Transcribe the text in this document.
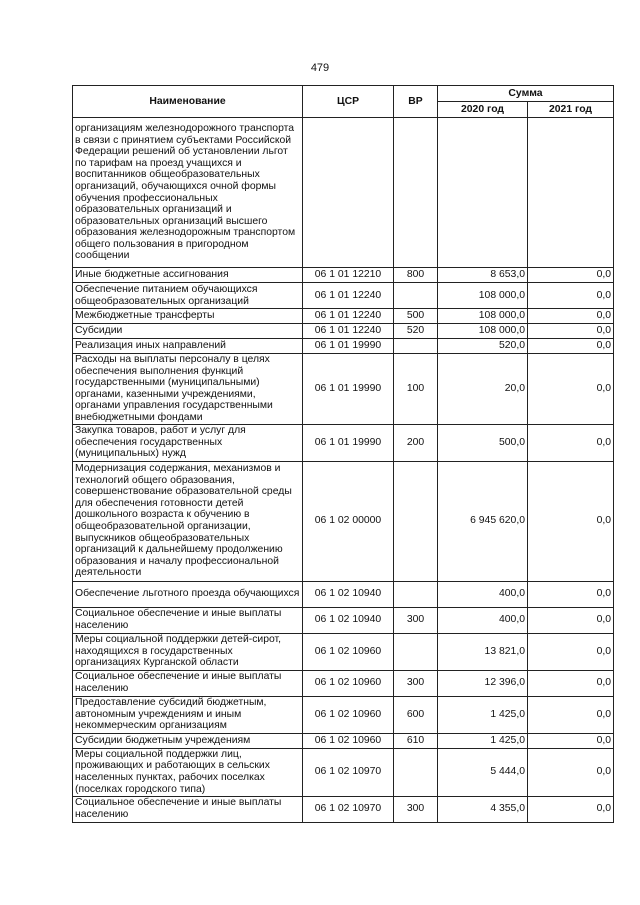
479
Наименование	ЦСР	ВР	Сумма	
			2020 год	2021 год
организациям железнодорожного транспорта в связи с принятием субъектами Российской Федерации решений об установлении льгот по тарифам на проезд учащихся и воспитанников общеобразовательных организаций, обучающихся очной формы обучения профессиональных образовательных организаций и образовательных организаций высшего образования железнодорожным транспортом общего пользования в пригородном сообщении				
Иные бюджетные ассигнования	06 1 01 12210	800	8 653,0	0,0
Обеспечение питанием обучающихся общеобразовательных организаций	06 1 01 12240		108 000,0	0,0
Межбюджетные трансферты	06 1 01 12240	500	108 000,0	0,0
Субсидии	06 1 01 12240	520	108 000,0	0,0
Реализация иных направлений	06 1 01 19990		520,0	0,0
Расходы на выплаты персоналу в целях обеспечения выполнения функций государственными (муниципальными) органами, казенными учреждениями, органами управления государственными внебюджетными фондами	06 1 01 19990	100	20,0	0,0
Закупка товаров, работ и услуг для обеспечения государственных (муниципальных) нужд	06 1 01 19990	200	500,0	0,0
Модернизация содержания, механизмов и технологий общего образования, совершенствование образовательной среды для обеспечения готовности детей дошкольного возраста к обучению в общеобразовательной организации, выпускников общеобразовательных организаций к дальнейшему продолжению образования и началу профессиональной деятельности	06 1 02 00000		6 945 620,0	0,0
Обеспечение льготного проезда обучающихся	06 1 02 10940		400,0	0,0
Социальное обеспечение и иные выплаты населению	06 1 02 10940	300	400,0	0,0
Меры социальной поддержки детей-сирот, находящихся в государственных организациях Курганской области	06 1 02 10960		13 821,0	0,0
Социальное обеспечение и иные выплаты населению	06 1 02 10960	300	12 396,0	0,0
Предоставление субсидий бюджетным, автономным учреждениям и иным некоммерческим организациям	06 1 02 10960	600	1 425,0	0,0
Субсидии бюджетным учреждениям	06 1 02 10960	610	1 425,0	0,0
Меры социальной поддержки лиц, проживающих и работающих в сельских населенных пунктах, рабочих поселках (поселках городского типа)	06 1 02 10970		5 444,0	0,0
Социальное обеспечение и иные выплаты населению	06 1 02 10970	300	4 355,0	0,0
